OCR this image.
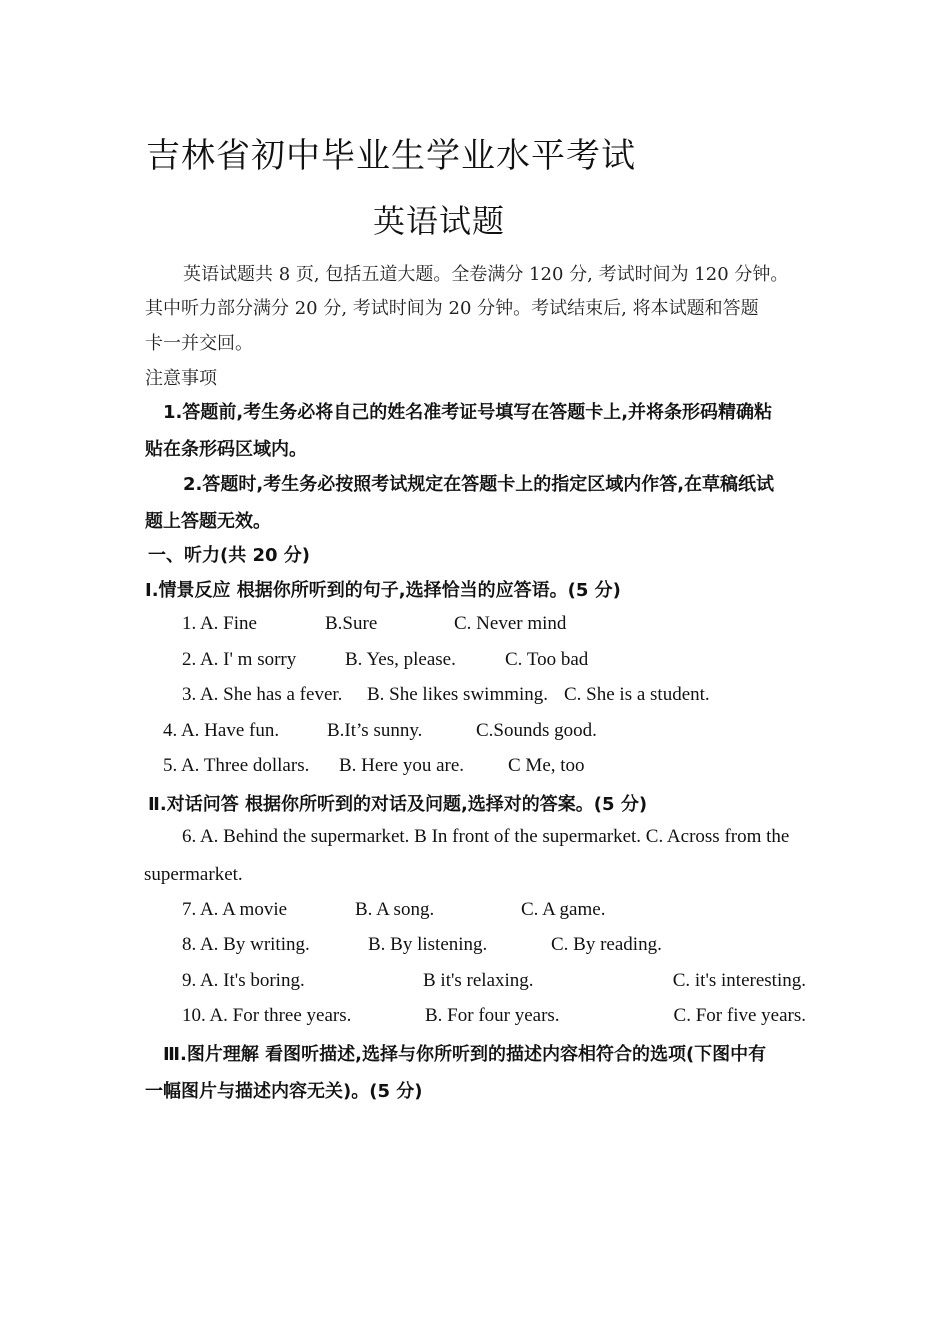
吉林省初中毕业生学业水平考试
英语试题
英语试题共 8 页, 包括五道大题。全卷满分 120 分, 考试时间为 120 分钟。
其中听力部分满分 20 分, 考试时间为 20 分钟。考试结束后, 将本试题和答题
卡一并交回。
注意事项
1.答题前,考生务必将自己的姓名准考证号填写在答题卡上,并将条形码精确粘
贴在条形码区域内。
2.答题时,考生务必按照考试规定在答题卡上的指定区域内作答,在草稿纸试
题上答题无效。
一、听力(共 20 分)
Ⅰ.情景反应 根据你所听到的句子,选择恰当的应答语。(5 分)
1. A. Fine	B.Sure	C. Never mind
2. A. I' m sorry	B. Yes, please.	C. Too bad
3. A. She has a fever. B. She likes swimming. C. She is a student.
4. A. Have fun.	B.It’s sunny.	C.Sounds good.
5. A. Three dollars. B. Here you are. C Me, too
Ⅱ.对话问答 根据你所听到的对话及问题,选择对的答案。(5 分)
6. A. Behind the supermarket. B In front of the supermarket. C. Across from the
supermarket.
7. A. A movie	B. A song.	C. A game.
8. A. By writing.	B. By listening.	C. By reading.
9. A. It's boring.	B it's relaxing.	C. it's interesting.
10. A. For three years.	B. For four years.	C. For five years.
Ⅲ.图片理解 看图听描述,选择与你所听到的描述内容相符合的选项(下图中有
一幅图片与描述内容无关)。(5 分)
